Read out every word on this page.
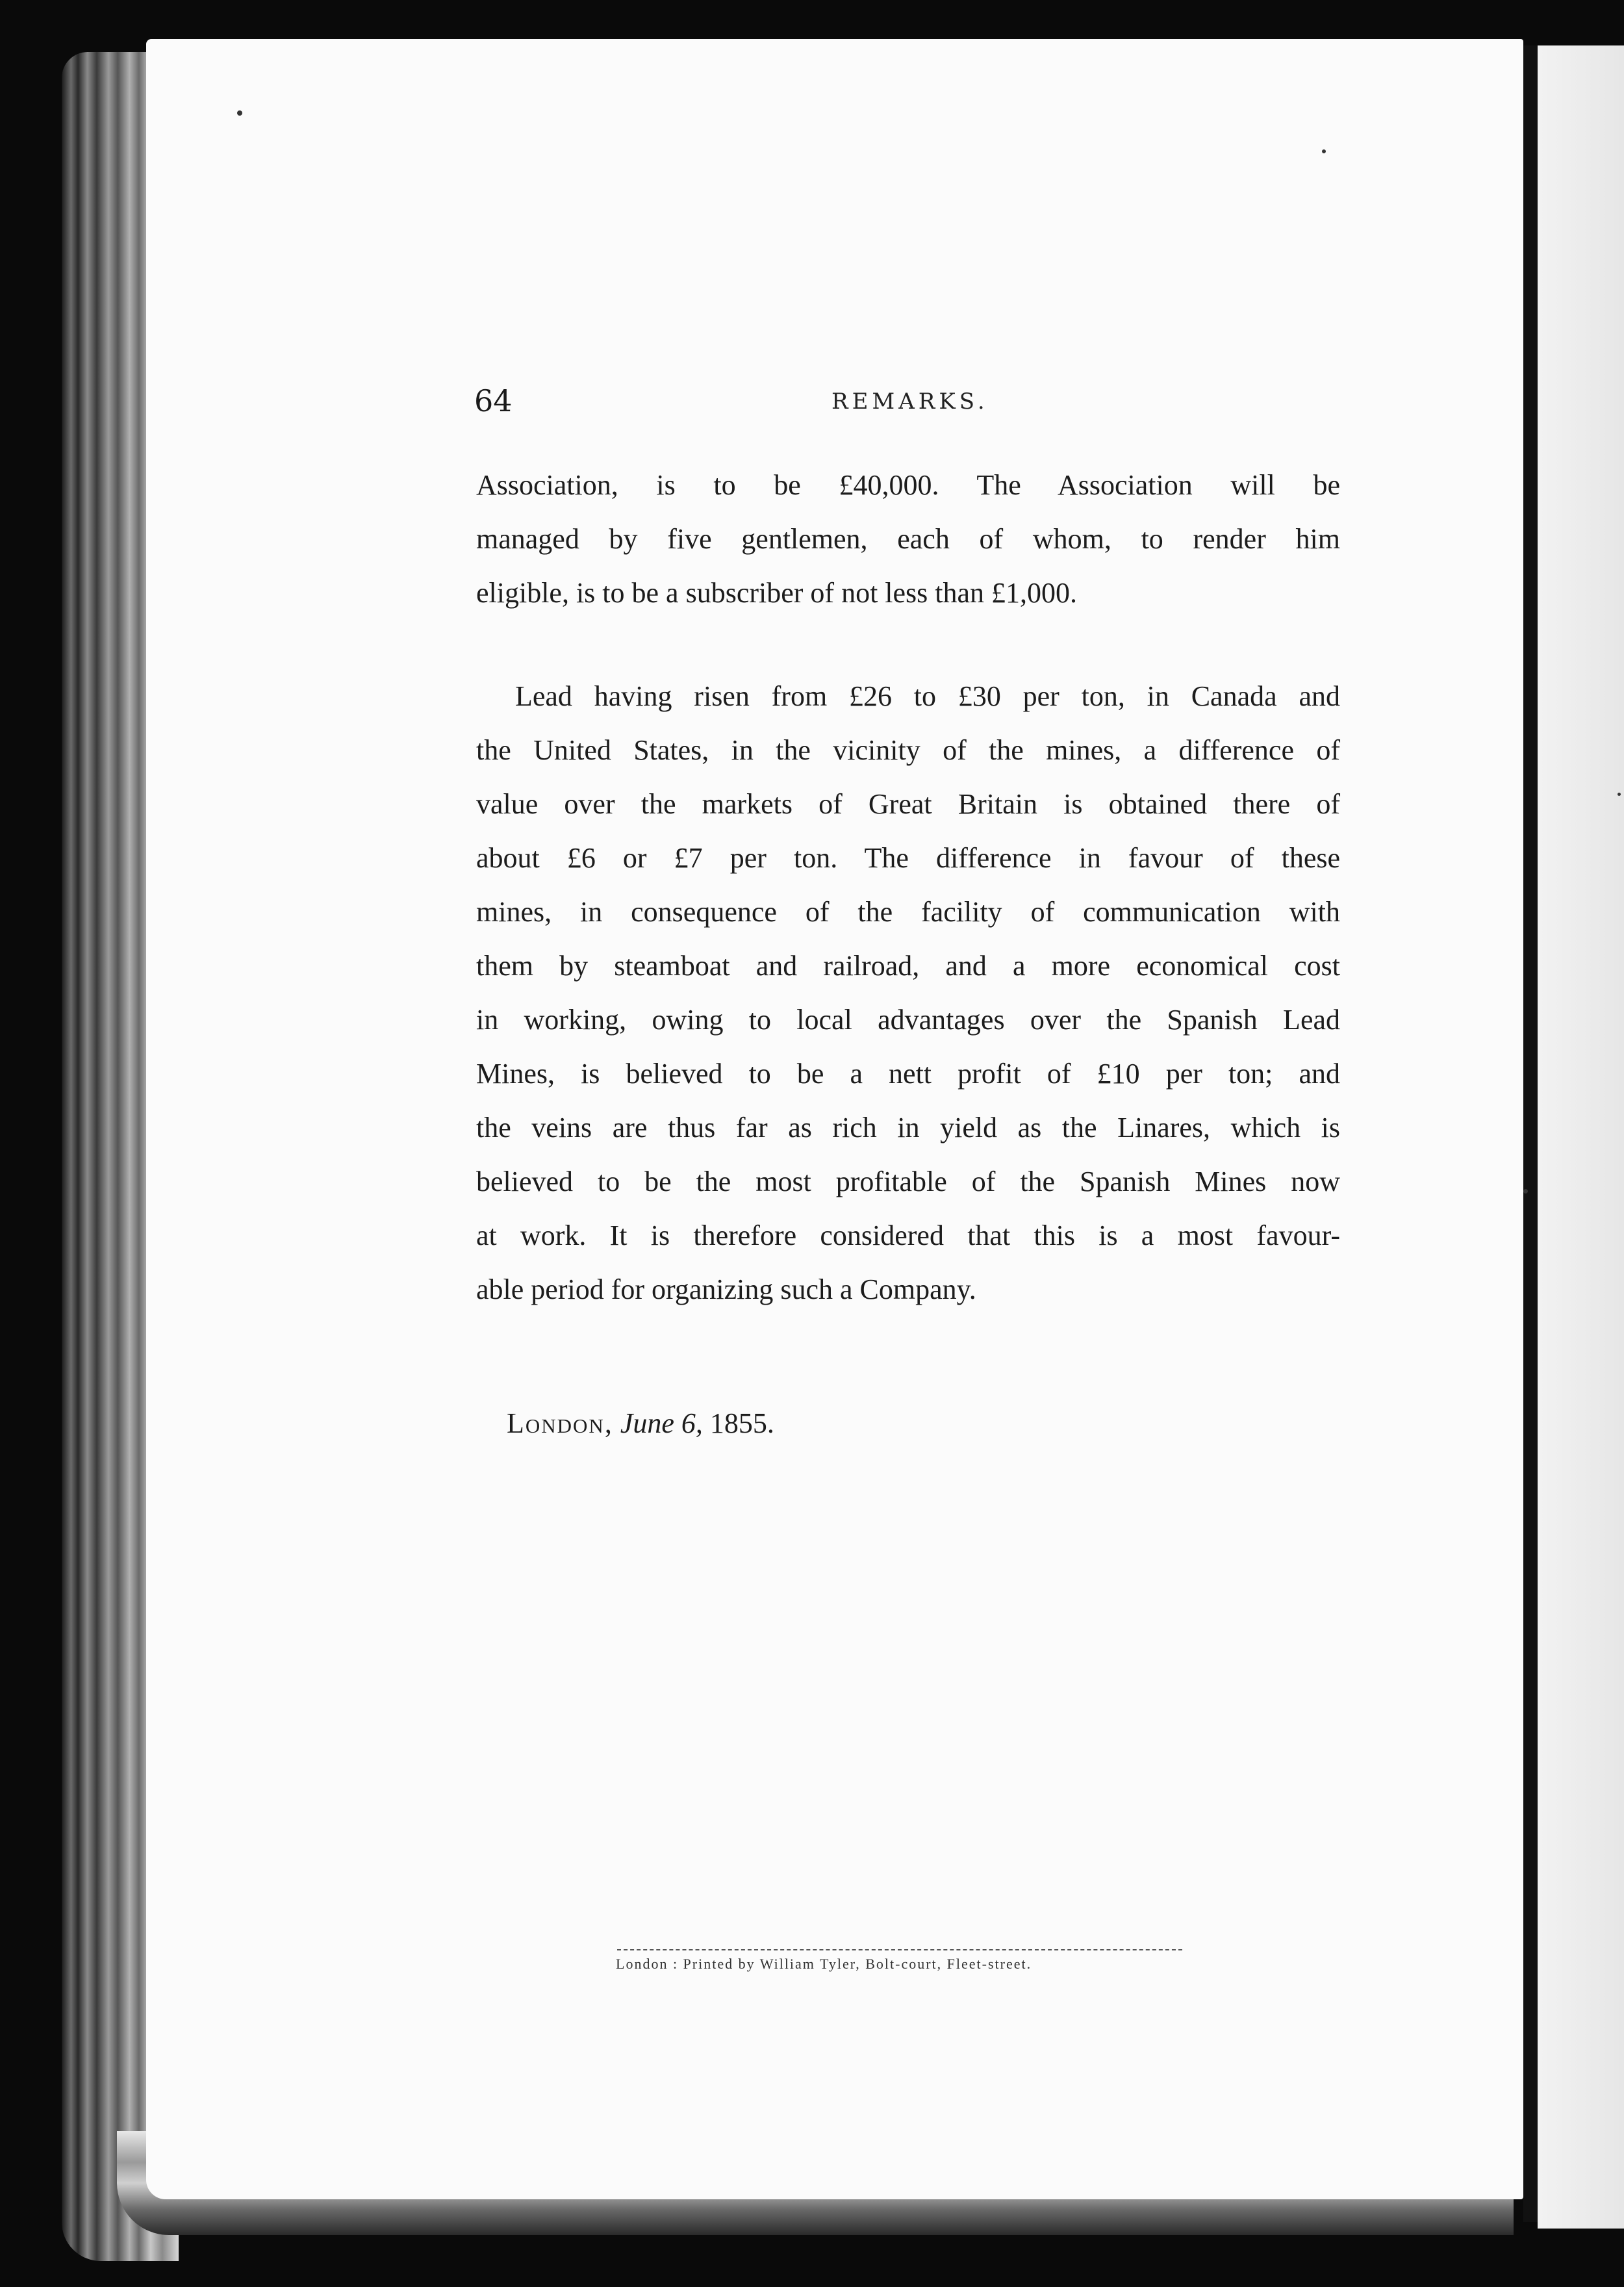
64	REMARKS.
Association, is to be £40,000. The Association will be
managed by five gentlemen, each of whom, to render him
eligible, is to be a subscriber of not less than £1,000.
Lead having risen from £26 to £30 per ton, in Canada and
the United States, in the vicinity of the mines, a difference of
value over the markets of Great Britain is obtained there of
about £6 or £7 per ton. The difference in favour of these
mines, in consequence of the facility of communication with
them by steamboat and railroad, and a more economical cost
in working, owing to local advantages over the Spanish Lead
Mines, is believed to be a nett profit of £10 per ton; and
the veins are thus far as rich in yield as the Linares, which is
believed to be the most profitable of the Spanish Mines now
at work. It is therefore considered that this is a most favour-
able period for organizing such a Company.
London, June 6, 1855.
London : Printed by William Tyler, Bolt-court, Fleet-street.
